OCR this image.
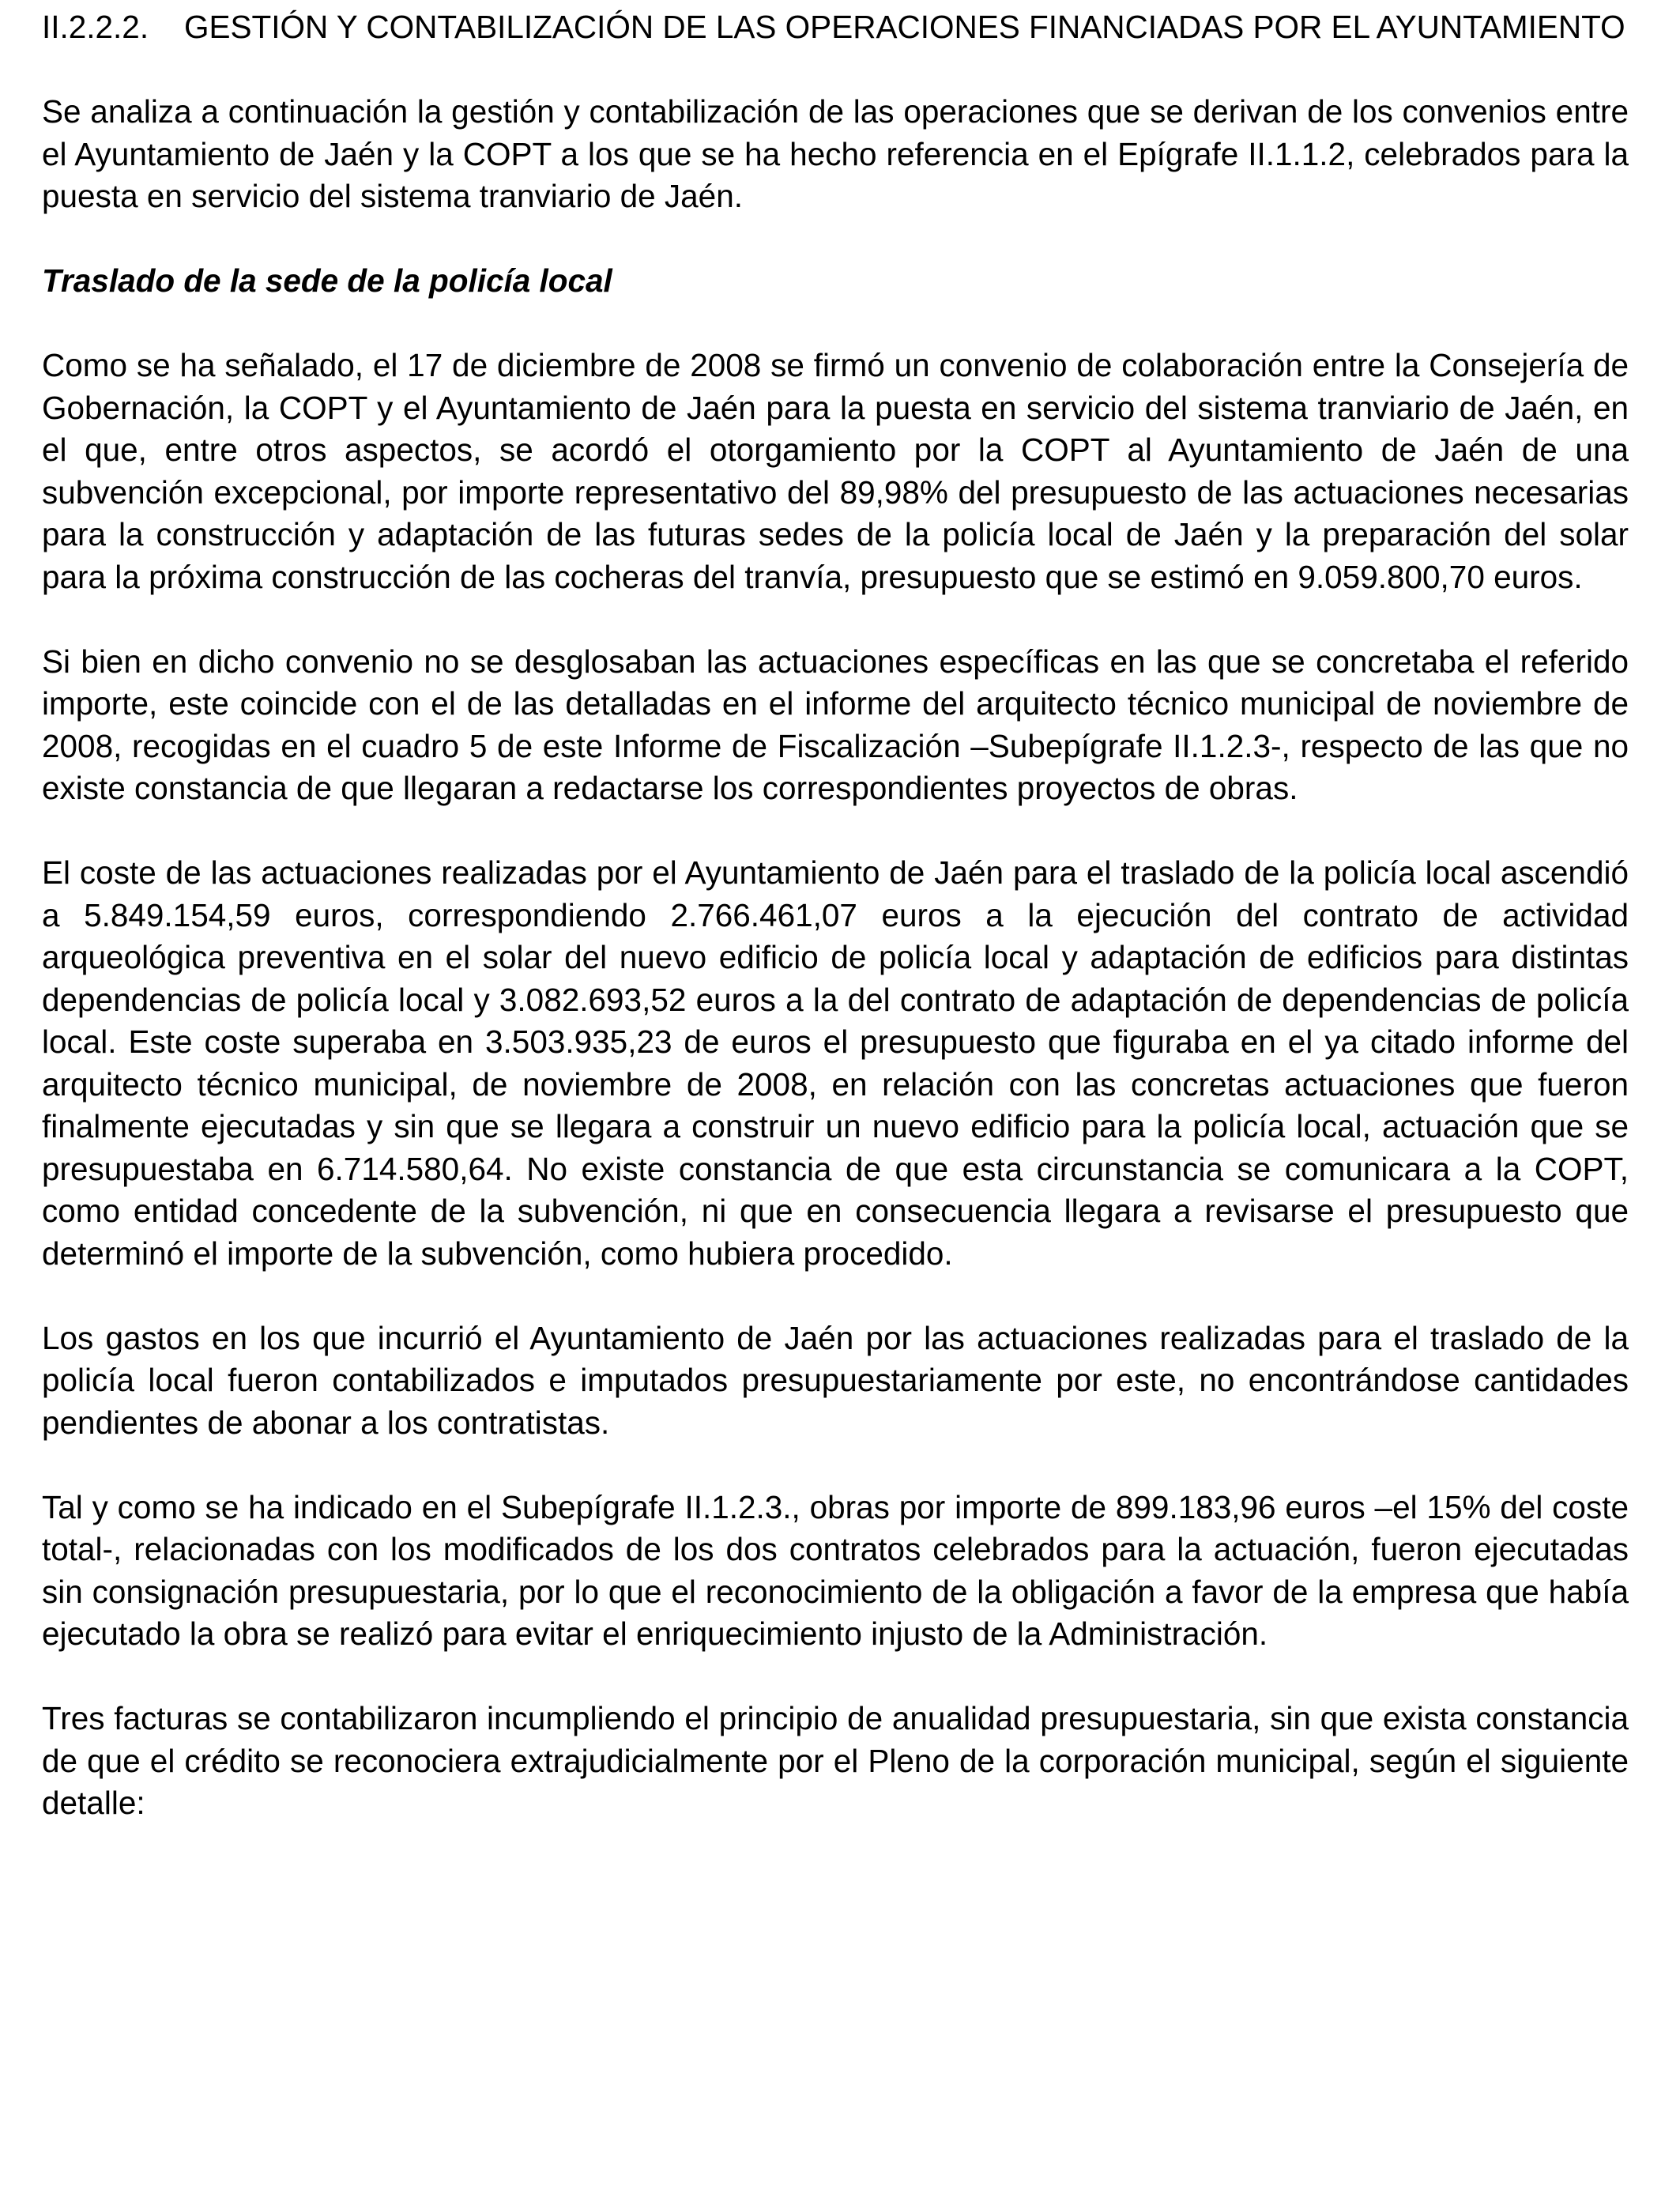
II.2.2.2.	GESTIÓN Y CONTABILIZACIÓN DE LAS OPERACIONES FINANCIADAS POR EL AYUNTAMIENTO

Se analiza a continuación la gestión y contabilización de las operaciones que se derivan de los convenios entre el Ayuntamiento de Jaén y la COPT a los que se ha hecho referencia en el Epígrafe II.1.1.2, celebrados para la puesta en servicio del sistema tranviario de Jaén.

Traslado de la sede de la policía local

Como se ha señalado, el 17 de diciembre de 2008 se firmó un convenio de colaboración entre la Consejería de Gobernación, la COPT y el Ayuntamiento de Jaén para la puesta en servicio del sistema tranviario de Jaén, en el que, entre otros aspectos, se acordó el otorgamiento por la COPT al Ayuntamiento de Jaén de una subvención excepcional, por importe representativo del 89,98% del presupuesto de las actuaciones necesarias para la construcción y adaptación de las futuras sedes de la policía local de Jaén y la preparación del solar para la próxima construcción de las cocheras del tranvía, presupuesto que se estimó en 9.059.800,70 euros.

Si bien en dicho convenio no se desglosaban las actuaciones específicas en las que se concretaba el referido importe, este coincide con el de las detalladas en el informe del arquitecto técnico municipal de noviembre de 2008, recogidas en el cuadro 5 de este Informe de Fiscalización –Subepígrafe II.1.2.3-, respecto de las que no existe constancia de que llegaran a redactarse los correspondientes proyectos de obras.

El coste de las actuaciones realizadas por el Ayuntamiento de Jaén para el traslado de la policía local ascendió a 5.849.154,59 euros, correspondiendo 2.766.461,07 euros a la ejecución del contrato de actividad arqueológica preventiva en el solar del nuevo edificio de policía local y adaptación de edificios para distintas dependencias de policía local y 3.082.693,52 euros a la del contrato de adaptación de dependencias de policía local. Este coste superaba en 3.503.935,23 de euros el presupuesto que figuraba en el ya citado informe del arquitecto técnico municipal, de noviembre de 2008, en relación con las concretas actuaciones que fueron finalmente ejecutadas y sin que se llegara a construir un nuevo edificio para la policía local, actuación que se presupuestaba en 6.714.580,64. No existe constancia de que esta circunstancia se comunicara a la COPT, como entidad concedente de la subvención, ni que en consecuencia llegara a revisarse el presupuesto que determinó el importe de la subvención, como hubiera procedido.

Los gastos en los que incurrió el Ayuntamiento de Jaén por las actuaciones realizadas para el traslado de la policía local fueron contabilizados e imputados presupuestariamente por este, no encontrándose cantidades pendientes de abonar a los contratistas.

Tal y como se ha indicado en el Subepígrafe II.1.2.3., obras por importe de 899.183,96 euros –el 15% del coste total-, relacionadas con los modificados de los dos contratos celebrados para la actuación, fueron ejecutadas sin consignación presupuestaria, por lo que el reconocimiento de la obligación a favor de la empresa que había ejecutado la obra se realizó para evitar el enriquecimiento injusto de la Administración.

Tres facturas se contabilizaron incumpliendo el principio de anualidad presupuestaria, sin que exista constancia de que el crédito se reconociera extrajudicialmente por el Pleno de la corporación municipal, según el siguiente detalle:
